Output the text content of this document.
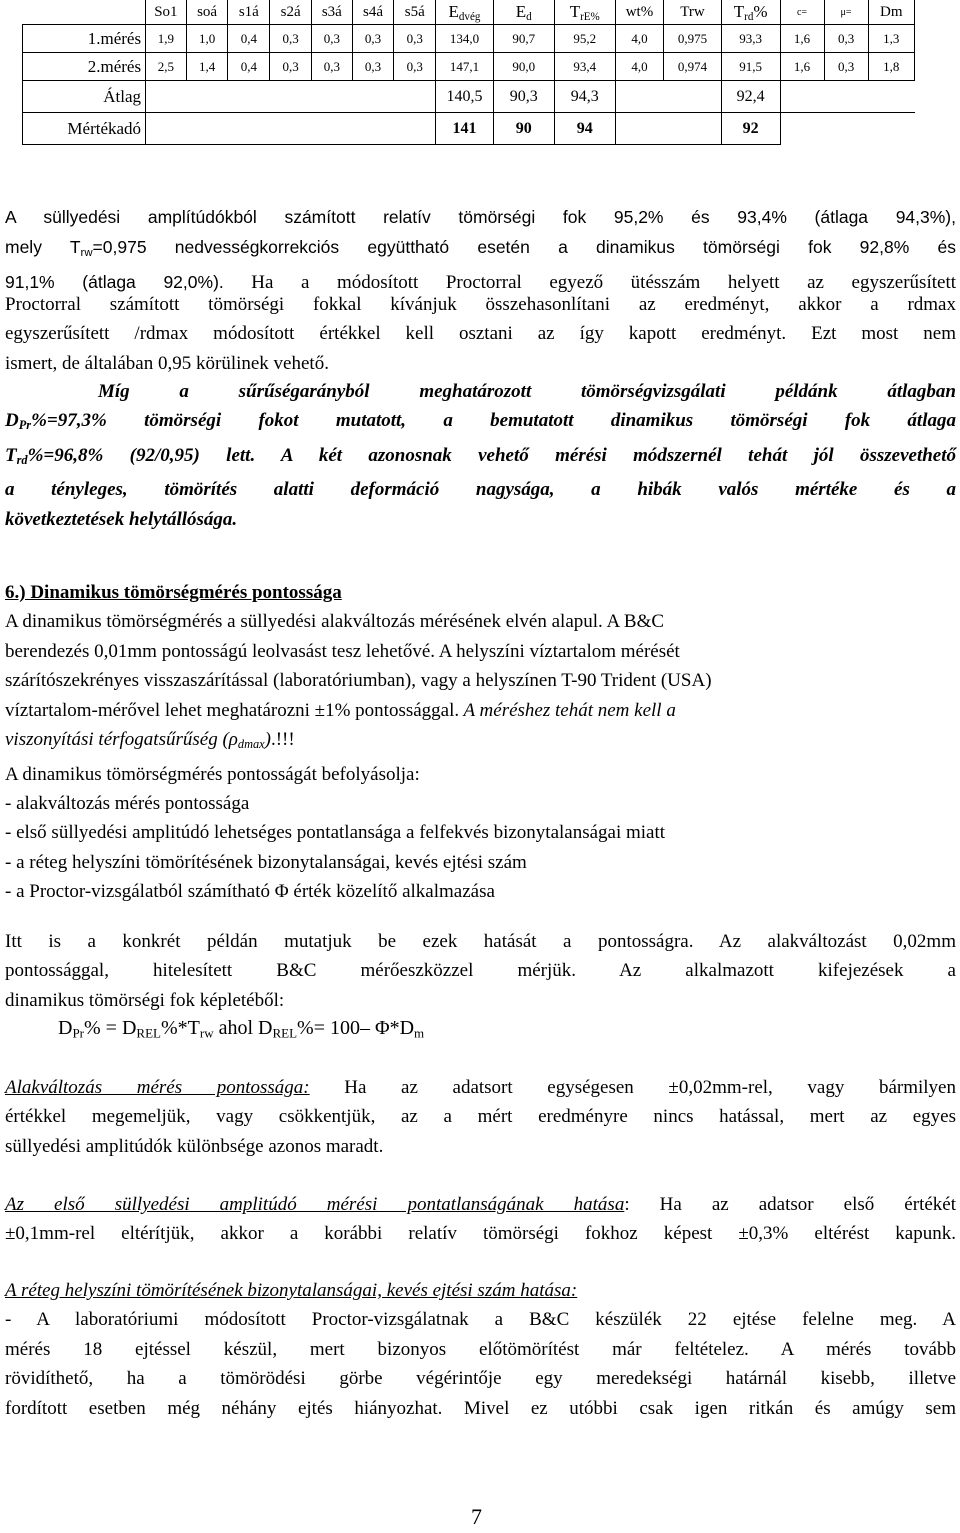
	So1	soá	s1á	s2á	s3á	s4á	s5á	$E_{dvég}$	$E_d$	$T_{rE\%}$	wt%	Trw	$T_{rd}\%$	c=	μ=	Dm
1.mérés	1,9	1,0	0,4	0,3	0,3	0,3	0,3	134,0	90,7	95,2	4,0	0,975	93,3	1,6	0,3	1,3
2.mérés	2,5	1,4	0,4	0,3	0,3	0,3	0,3	147,1	90,0	93,4	4,0	0,974	91,5	1,6	0,3	1,8
Átlag								140,5	90,3	94,3			92,4			
Mértékadó								141	90	94			92			
A süllyedési amplítúdókból számított relatív tömörségi fok 95,2% és 93,4% (átlaga 94,3%),
mely $T_{rw}=0,975$ nedvességkorrekciós együttható esetén a dinamikus tömörségi fok 92,8% és
91,1% (átlaga 92,0%). Ha a módosított Proctorral egyező ütésszám helyett az egyszerűsített
Proctorral számított tömörségi fokkal kívánjuk összehasonlítani az eredményt, akkor a rdmax
egyszerűsített /rdmax módosított értékkel kell osztani az így kapott eredményt. Ezt most nem
ismert, de általában 0,95 körülinek vehető.
Míg a sűrűségarányból meghatározott tömörségvizsgálati példánk átlagban
$D_{Pr}\%=97,3\%$ tömörségi fokot mutatott, a bemutatott dinamikus tömörségi fok átlaga
$T_{rd}\%=96,8\%$ (92/0,95) lett. A két azonosnak vehető mérési módszernél tehát jól összevethető
a tényleges, tömörítés alatti deformáció nagysága, a hibák valós mértéke és a
következtetések helytállósága.
6.) Dinamikus tömörségmérés pontossága
A dinamikus tömörségmérés a süllyedési alakváltozás mérésének elvén alapul. A B&C
berendezés 0,01mm pontosságú leolvasást tesz lehetővé. A helyszíni víztartalom mérését
szárítószekrényes visszaszárítással (laboratóriumban), vagy a helyszínen T-90 Trident (USA)
víztartalom-mérővel lehet meghatározni ±1% pontossággal. A méréshez tehát nem kell a
viszonyítási térfogatsűrűség $(\rho_{dmax})$.!!!
A dinamikus tömörségmérés pontosságát befolyásolja:
- alakváltozás mérés pontossága
- első süllyedési amplitúdó lehetséges pontatlansága a felfekvés bizonytalanságai miatt
- a réteg helyszíni tömörítésének bizonytalanságai, kevés ejtési szám
- a Proctor-vizsgálatból számítható Φ érték közelítő alkalmazása
Itt is a konkrét példán mutatjuk be ezek hatását a pontosságra. Az alakváltozást 0,02mm
pontossággal, hitelesített B&C mérőeszközzel mérjük. Az alkalmazott kifejezések a
dinamikus tömörségi fok képletéből:
$D_{Pr}\% = D_{REL}\%*T_{rw}$ ahol $D_{REL}\%= 100-$ $\Phi*D_m$
Alakváltozás mérés pontossága: Ha az adatsort egységesen ±0,02mm-rel, vagy bármilyen
értékkel megemeljük, vagy csökkentjük, az a mért eredményre nincs hatással, mert az egyes
süllyedési amplitúdók különbsége azonos maradt.
Az első süllyedési amplitúdó mérési pontatlanságának hatása: Ha az adatsor első értékét
±0,1mm-rel eltérítjük, akkor a korábbi relatív tömörségi fokhoz képest ±0,3% eltérést kapunk.
A réteg helyszíni tömörítésének bizonytalanságai, kevés ejtési szám hatása:
- A laboratóriumi módosított Proctor-vizsgálatnak a B&C készülék 22 ejtése felelne meg. A
mérés 18 ejtéssel készül, mert bizonyos előtömörítést már feltételez. A mérés tovább
rövidíthető, ha a tömörödési görbe végérintője egy meredekségi határnál kisebb, illetve
fordított esetben még néhány ejtés hiányozhat. Mivel ez utóbbi csak igen ritkán és amúgy sem
7
